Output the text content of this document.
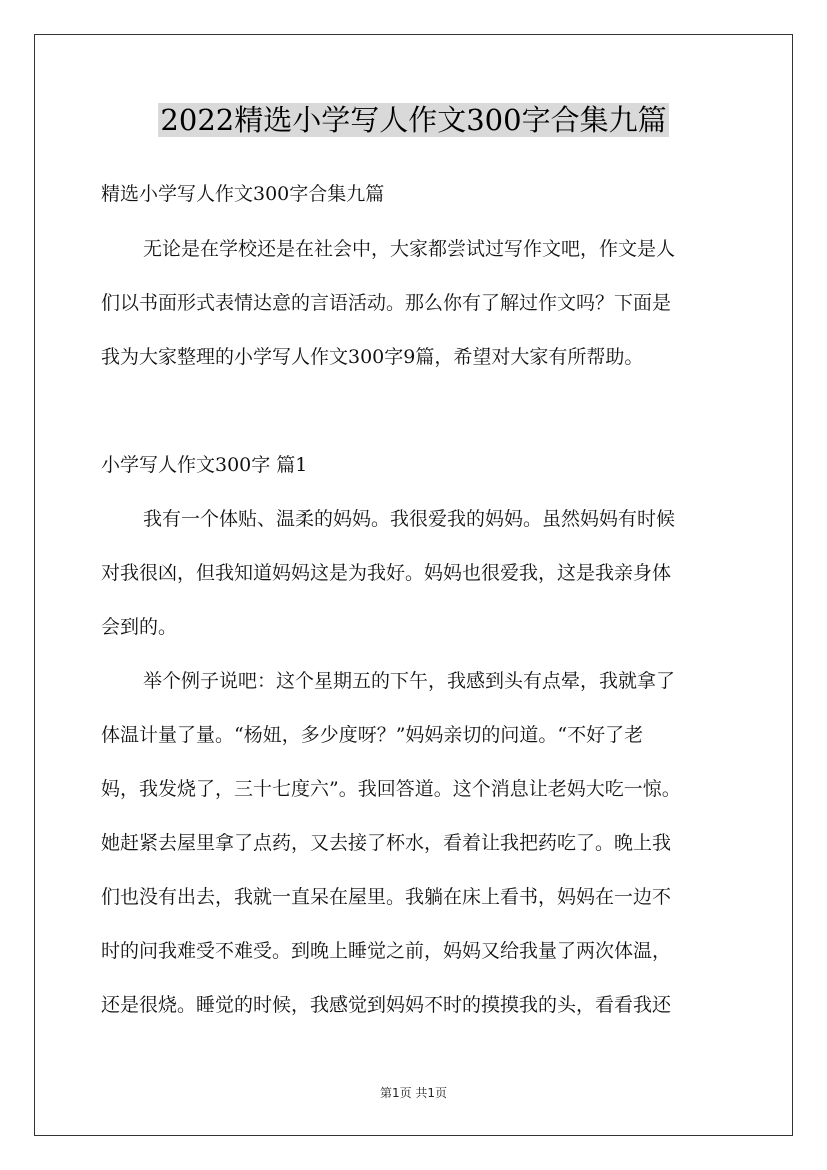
2022精选小学写人作文300字合集九篇
精选小学写人作文300字合集九篇
无论是在学校还是在社会中，大家都尝试过写作文吧，作文是人
们以书面形式表情达意的言语活动。那么你有了解过作文吗？下面是
我为大家整理的小学写人作文300字9篇，希望对大家有所帮助。
小学写人作文300字 篇1
我有一个体贴、温柔的妈妈。我很爱我的妈妈。虽然妈妈有时候
对我很凶，但我知道妈妈这是为我好。妈妈也很爱我，这是我亲身体
会到的。
举个例子说吧：这个星期五的下午，我感到头有点晕，我就拿了
体温计量了量。“杨妞，多少度呀？”妈妈亲切的问道。“不好了老
妈，我发烧了，三十七度六”。我回答道。这个消息让老妈大吃一惊。
她赶紧去屋里拿了点药，又去接了杯水，看着让我把药吃了。晚上我
们也没有出去，我就一直呆在屋里。我躺在床上看书，妈妈在一边不
时的问我难受不难受。到晚上睡觉之前，妈妈又给我量了两次体温，
还是很烧。睡觉的时候，我感觉到妈妈不时的摸摸我的头，看看我还
第1页 共1页
